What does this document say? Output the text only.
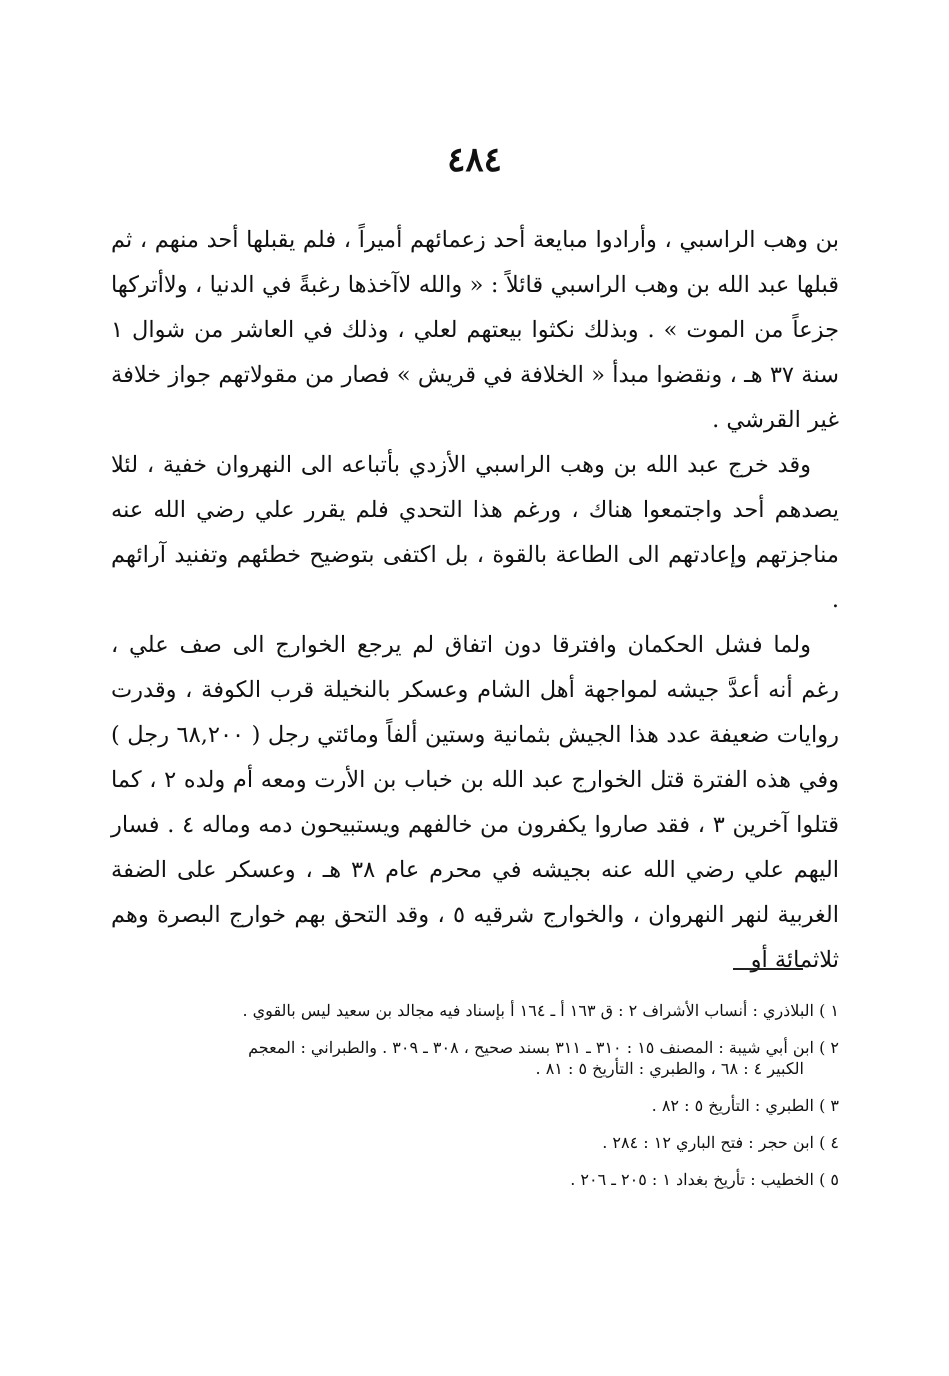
٤٨٤

بن وهب الراسبي ، وأرادوا مبايعة أحد زعمائهم أميراً ، فلم يقبلها أحد منهم ، ثم قبلها عبد الله بن وهب الراسبي قائلاً : « والله لاآخذها رغبةً في الدنيا ، ولاأتركها جزعاً من الموت » . وبذلك نكثوا بيعتهم لعلي ، وذلك في العاشر من شوال ١ سنة ٣٧ هـ ، ونقضوا مبدأ « الخلافة في قريش » فصار من مقولاتهم جواز خلافة غير القرشي .

وقد خرج عبد الله بن وهب الراسبي الأزدي بأتباعه الى النهروان خفية ، لئلا يصدهم أحد واجتمعوا هناك ، ورغم هذا التحدي فلم يقرر علي رضي الله عنه مناجزتهم وإعادتهم الى الطاعة بالقوة ، بل اكتفى بتوضيح خطئهم وتفنيد آرائهم .

ولما فشل الحكمان وافترقا دون اتفاق لم يرجع الخوارج الى صف علي ، رغم أنه أعدَّ جيشه لمواجهة أهل الشام وعسكر بالنخيلة قرب الكوفة ، وقدرت روايات ضعيفة عدد هذا الجيش بثمانية وستين ألفاً ومائتي رجل ( ٦٨,٢٠٠ رجل ) وفي هذه الفترة قتل الخوارج عبد الله بن خباب بن الأرت ومعه أم ولده ٢ ، كما قتلوا آخرين ٣ ، فقد صاروا يكفرون من خالفهم ويستبيحون دمه وماله ٤ . فسار اليهم علي رضي الله عنه بجيشه في محرم عام ٣٨ هـ ، وعسكر على الضفة الغربية لنهر النهروان ، والخوارج شرقيه ٥ ، وقد التحق بهم خوارج البصرة وهم ثلاثمائة أو

١ ) البلاذري : أنساب الأشراف ٢ : ق ١٦٣ أ ـ ١٦٤ أ بإسناد فيه مجالد بن سعيد ليس بالقوي .
٢ ) ابن أبي شيبة : المصنف ١٥ : ٣١٠ ـ ٣١١ بسند صحيح ، ٣٠٨ ـ ٣٠٩ . والطبراني : المعجم
الكبير ٤ : ٦٨ ، والطبري : التأريخ ٥ : ٨١ .
٣ ) الطبري : التأريخ ٥ : ٨٢ .
٤ ) ابن حجر : فتح الباري ١٢ : ٢٨٤ .
٥ ) الخطيب : تأريخ بغداد ١ : ٢٠٥ ـ ٢٠٦ .
